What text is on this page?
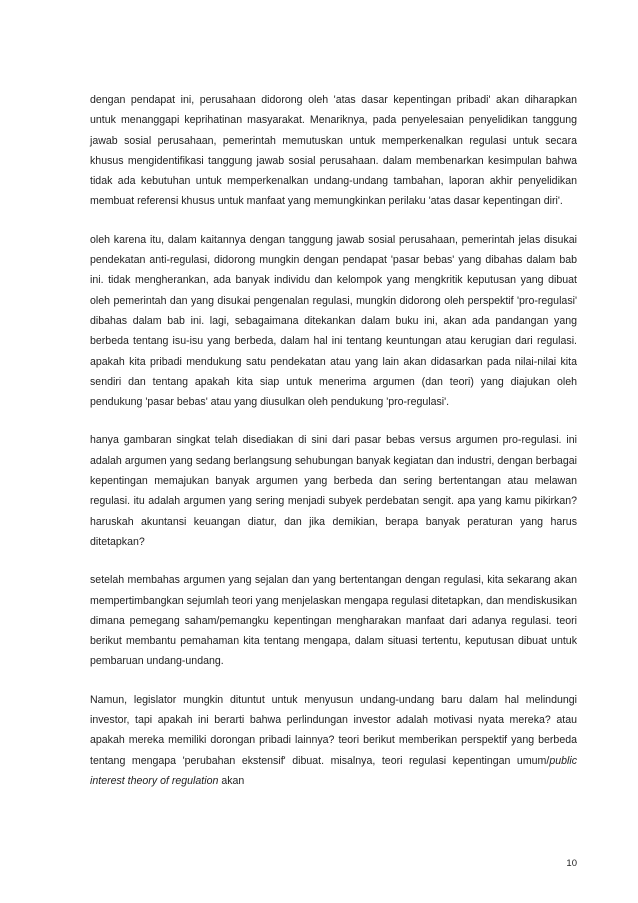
dengan pendapat ini, perusahaan didorong oleh 'atas dasar kepentingan pribadi' akan diharapkan untuk menanggapi keprihatinan masyarakat. Menariknya, pada penyelesaian penyelidikan tanggung jawab sosial perusahaan, pemerintah memutuskan untuk memperkenalkan regulasi untuk secara khusus mengidentifikasi tanggung jawab sosial perusahaan. dalam membenarkan kesimpulan bahwa tidak ada kebutuhan untuk memperkenalkan undang-undang tambahan, laporan akhir penyelidikan membuat referensi khusus untuk manfaat yang memungkinkan perilaku 'atas dasar kepentingan diri'.

oleh karena itu, dalam kaitannya dengan tanggung jawab sosial perusahaan, pemerintah jelas disukai pendekatan anti-regulasi, didorong mungkin dengan pendapat 'pasar bebas' yang dibahas dalam bab ini. tidak mengherankan, ada banyak individu dan kelompok yang mengkritik keputusan yang dibuat oleh pemerintah dan yang disukai pengenalan regulasi, mungkin didorong oleh perspektif 'pro-regulasi' dibahas dalam bab ini. lagi, sebagaimana ditekankan dalam buku ini, akan ada pandangan yang berbeda tentang isu-isu yang berbeda, dalam hal ini tentang keuntungan atau kerugian dari regulasi. apakah kita pribadi mendukung satu pendekatan atau yang lain akan didasarkan pada nilai-nilai kita sendiri dan tentang apakah kita siap untuk menerima argumen (dan teori) yang diajukan oleh pendukung 'pasar bebas' atau yang diusulkan oleh pendukung 'pro-regulasi'.

hanya gambaran singkat telah disediakan di sini dari pasar bebas versus argumen pro-regulasi. ini adalah argumen yang sedang berlangsung sehubungan banyak kegiatan dan industri, dengan berbagai kepentingan memajukan banyak argumen yang berbeda dan sering bertentangan atau melawan regulasi. itu adalah argumen yang sering menjadi subyek perdebatan sengit. apa yang kamu pikirkan? haruskah akuntansi keuangan diatur, dan jika demikian, berapa banyak peraturan yang harus ditetapkan?

setelah membahas argumen yang sejalan dan yang bertentangan dengan regulasi, kita sekarang akan mempertimbangkan sejumlah teori yang menjelaskan mengapa regulasi ditetapkan, dan mendiskusikan dimana pemegang saham/pemangku kepentingan mengharakan manfaat dari adanya regulasi. teori berikut membantu pemahaman kita tentang mengapa, dalam situasi tertentu, keputusan dibuat untuk pembaruan undang-undang.

Namun, legislator mungkin dituntut untuk menyusun undang-undang baru dalam hal melindungi investor, tapi apakah ini berarti bahwa perlindungan investor adalah motivasi nyata mereka? atau apakah mereka memiliki dorongan pribadi lainnya? teori berikut memberikan perspektif yang berbeda tentang mengapa 'perubahan ekstensif' dibuat. misalnya, teori regulasi kepentingan umum/public interest theory of regulation akan

10
